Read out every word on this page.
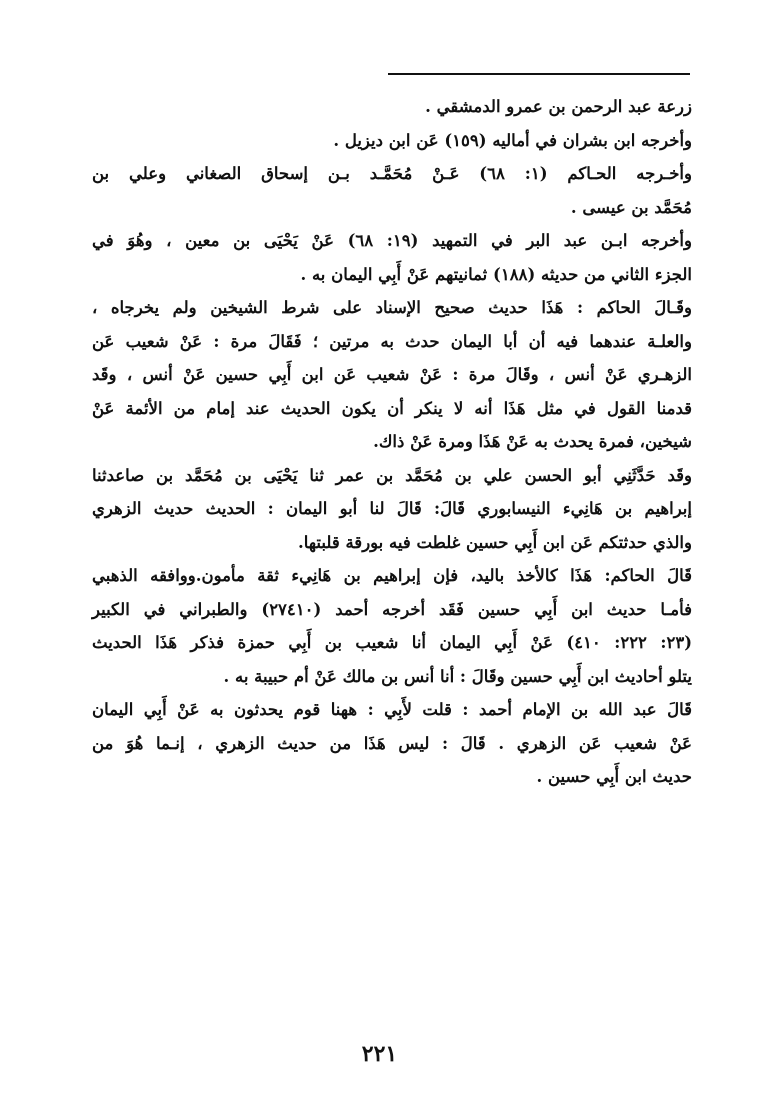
زرعة عبد الرحمن بن عمرو الدمشقي .
وأخرجه ابن بشران في أماليه (١٥٩) عَن ابن ديزيل .
وأخـرجه الحـاكم (١: ٦٨) عَـنْ مُحَمَّـد بـن إسحاق الصغاني وعلي بن
مُحَمَّد بن عيسى .
وأخرجه ابـن عبد البر في التمهيد (١٩: ٦٨) عَنْ يَحْيَى بن معين ، وهُوَ في
الجزء الثاني من حديثه (١٨٨) ثمانيتهم عَنْ أَبِي اليمان به .
وقَـالَ الحاكم : هَذَا حديث صحيح الإسناد على شرط الشيخين ولم يخرجاه ،
والعلـة عندهما فيه أن أبا اليمان حدث به مرتين ؛ فَقَالَ مرة : عَنْ شعيب عَن
الزهـري عَنْ أنس ، وقَالَ مرة : عَنْ شعيب عَن ابن أَبِي حسين عَنْ أنس ، وقَد
قدمنا القول في مثل هَذَا أنه لا ينكر أن يكون الحديث عند إمام من الأئمة عَنْ
شيخين، فمرة يحدث به عَنْ هَذَا ومرة عَنْ ذاك.
وقَد حَدَّثَنِي أبو الحسن علي بن مُحَمَّد بن عمر ثنا يَحْيَى بن مُحَمَّد بن صاعدثنا
إبراهيم بن هَانِيء النيسابوري قَالَ: قَالَ لنا أبو اليمان : الحديث حديث الزهري
والذي حدثتكم عَن ابن أَبِي حسين غلطت فيه بورقة قلبتها.
قَالَ الحاكم: هَذَا كالأخذ باليد، فإن إبراهيم بن هَانِيء ثقة مأمون.ووافقه الذهبي
فأمـا حديث ابن أَبِي حسين فَقَد أخرجه أحمد (٢٧٤١٠) والطبراني في الكبير
(٢٣: ٢٢٢: ٤١٠) عَنْ أَبِي اليمان أنا شعيب بن أَبِي حمزة فذكر هَذَا الحديث
يتلو أحاديث ابن أَبِي حسين وقَالَ : أنا أنس بن مالك عَنْ أم حبيبة به .
قَالَ عبد الله بن الإمام أحمد : قلت لأَبِي : ههنا قوم يحدثون به عَنْ أَبِي اليمان
عَنْ شعيب عَن الزهري . قَالَ : ليس هَذَا من حديث الزهري ، إنـما هُوَ من
حديث ابن أَبِي حسين .
٢٢١
